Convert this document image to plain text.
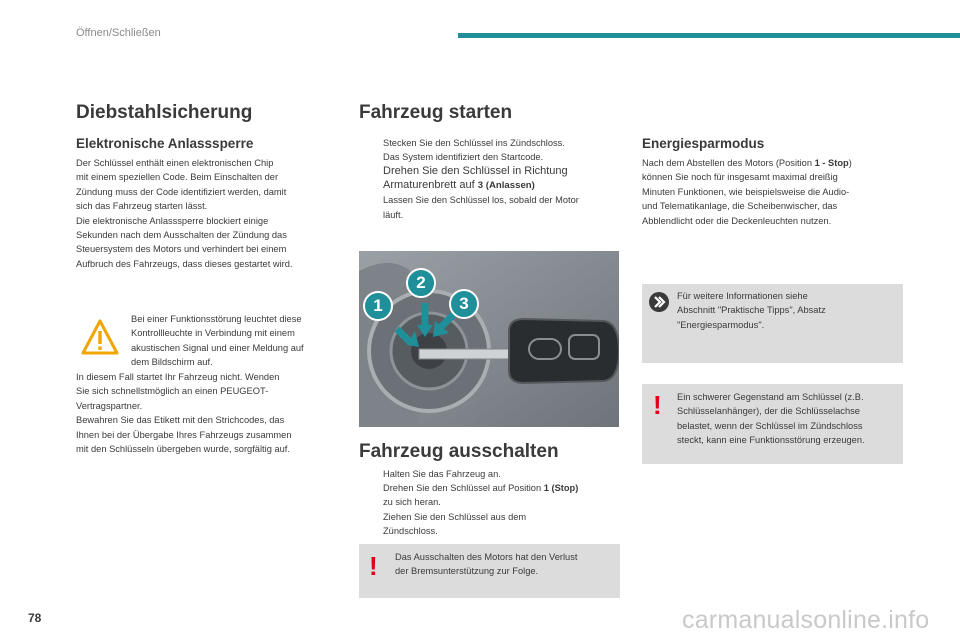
Öffnen/Schließen
Diebstahlsicherung
Elektronische Anlasssperre
Der Schlüssel enthält einen elektronischen Chip
mit einem speziellen Code. Beim Einschalten der
Zündung muss der Code identifiziert werden, damit
sich das Fahrzeug starten lässt.
Die elektronische Anlasssperre blockiert einige
Sekunden nach dem Ausschalten der Zündung das
Steuersystem des Motors und verhindert bei einem
Aufbruch des Fahrzeugs, dass dieses gestartet wird.
Bei einer Funktionsstörung leuchtet diese
Kontrollleuchte in Verbindung mit einem
akustischen Signal und einer Meldung auf
dem Bildschirm auf.
In diesem Fall startet Ihr Fahrzeug nicht. Wenden
Sie sich schnellstmöglich an einen PEUGEOT-
Vertragspartner.
Bewahren Sie das Etikett mit den Strichcodes, das
Ihnen bei der Übergabe Ihres Fahrzeugs zusammen
mit den Schlüsseln übergeben wurde, sorgfältig auf.
Fahrzeug starten
Stecken Sie den Schlüssel ins Zündschloss.
Das System identifiziert den Startcode.
Drehen Sie den Schlüssel in Richtung
Armaturenbrett auf 3 (Anlassen)
Lassen Sie den Schlüssel los, sobald der Motor
läuft.
1
2
3
Fahrzeug ausschalten
Halten Sie das Fahrzeug an.
Drehen Sie den Schlüssel auf Position 1 (Stop)
zu sich heran.
Ziehen Sie den Schlüssel aus dem
Zündschloss.
! Das Ausschalten des Motors hat den Verlust
der Bremsunterstützung zur Folge.
Energiesparmodus
Nach dem Abstellen des Motors (Position 1 - Stop)
können Sie noch für insgesamt maximal dreißig
Minuten Funktionen, wie beispielsweise die Audio-
und Telematikanlage, die Scheibenwischer, das
Abblendlicht oder die Deckenleuchten nutzen.
Für weitere Informationen siehe
Abschnitt "Praktische Tipps", Absatz
"Energiesparmodus".
! Ein schwerer Gegenstand am Schlüssel (z.B.
Schlüsselanhänger), der die Schlüsselachse
belastet, wenn der Schlüssel im Zündschloss
steckt, kann eine Funktionsstörung erzeugen.
78	carmanualsonline.info
